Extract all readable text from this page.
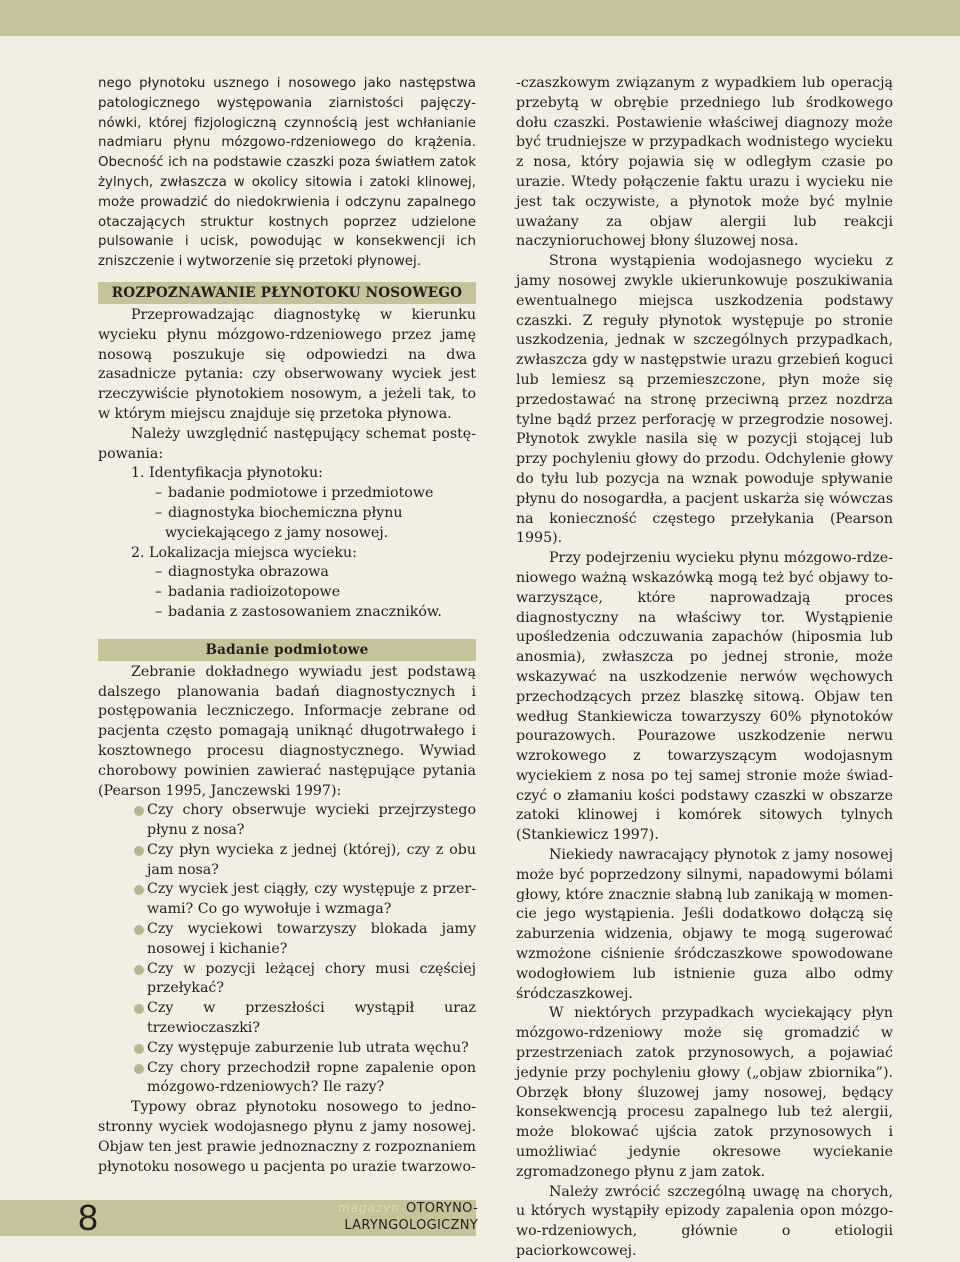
nego płynotoku usznego i nosowego jako następstwa patologicznego występowania ziarnistości pajęczynówki, której fizjologiczną czynnością jest wchłanianie nadmiaru płynu mózgowo-rdzeniowego do krążenia. Obecność ich na podstawie czaszki poza światłem zatok żylnych, zwłaszcza w okolicy sitowia i zatoki klinowej, może prowadzić do niedokrwienia i odczynu zapalnego otaczających struktur kostnych poprzez udzielone pulsowanie i ucisk, powodując w konsekwencji ich zniszczenie i wytworzenie się przetoki płynowej.

ROZPOZNAWANIE PŁYNOTOKU NOSOWEGO

Przeprowadzając diagnostykę w kierunku wycieku płynu mózgowo-rdzeniowego przez jamę nosową poszukuje się odpowiedzi na dwa zasadnicze pytania: czy obserwowany wyciek jest rzeczywiście płynotokiem nosowym, a jeżeli tak, to w którym miejscu znajduje się przetoka płynowa.

Należy uwzględnić następujący schemat postępowania:

1. Identyfikacja płynotoku:
– badanie podmiotowe i przedmiotowe
– diagnostyka biochemiczna płynu
wyciekającego z jamy nosowej.
2. Lokalizacja miejsca wycieku:
– diagnostyka obrazowa
– badania radioizotopowe
– badania z zastosowaniem znaczników.
Badanie podmiotowe

Zebranie dokładnego wywiadu jest podstawą dalszego planowania badań diagnostycznych i postępowania leczniczego. Informacje zebrane od pacjenta często pomagają uniknąć długotrwałego i kosztownego procesu diagnostycznego. Wywiad chorobowy powinien zawierać następujące pytania (Pearson 1995, Janczewski 1997):

Czy chory obserwuje wycieki przejrzystego płynu z nosa?
Czy płyn wycieka z jednej (której), czy z obu jam nosa?
Czy wyciek jest ciągły, czy występuje z przerwami? Co go wywołuje i wzmaga?
Czy wyciekowi towarzyszy blokada jamy nosowej i kichanie?
Czy w pozycji leżącej chory musi częściej przełykać?
Czy w przeszłości wystąpił uraz trzewioczaszki?
Czy występuje zaburzenie lub utrata węchu?
Czy chory przechodził ropne zapalenie opon mózgowo-rdzeniowych? Ile razy?

Typowy obraz płynotoku nosowego to jednostronny wyciek wodojasnego płynu z jamy nosowej. Objaw ten jest prawie jednoznaczny z rozpoznaniem płynotoku nosowego u pacjenta po urazie twarzowo-

-czaszkowym związanym z wypadkiem lub operacją przebytą w obrębie przedniego lub środkowego dołu czaszki. Postawienie właściwej diagnozy może być trudniejsze w przypadkach wodnistego wycieku z nosa, który pojawia się w odległym czasie po urazie. Wtedy połączenie faktu urazu i wycieku nie jest tak oczywiste, a płynotok może być mylnie uważany za objaw alergii lub reakcji naczynioruchowej błony śluzowej nosa.

Strona wystąpienia wodojasnego wycieku z jamy nosowej zwykle ukierunkowuje poszukiwania ewentualnego miejsca uszkodzenia podstawy czaszki. Z reguły płynotok występuje po stronie uszkodzenia, jednak w szczególnych przypadkach, zwłaszcza gdy w następstwie urazu grzebień koguci lub lemiesz są przemieszczone, płyn może się przedostawać na stronę przeciwną przez nozdrza tylne bądź przez perforację w przegrodzie nosowej. Płynotok zwykle nasila się w pozycji stojącej lub przy pochyleniu głowy do przodu. Odchylenie głowy do tyłu lub pozycja na wznak powoduje spływanie płynu do nosogardła, a pacjent uskarża się wówczas na konieczność częstego przełykania (Pearson 1995).

Przy podejrzeniu wycieku płynu mózgowo-rdzeniowego ważną wskazówką mogą też być objawy towarzyszące, które naprowadzają proces diagnostyczny na właściwy tor. Wystąpienie upośledzenia odczuwania zapachów (hiposmia lub anosmia), zwłaszcza po jednej stronie, może wskazywać na uszkodzenie nerwów węchowych przechodzących przez blaszkę sitową. Objaw ten według Stankiewicza towarzyszy 60% płynotoków pourazowych. Pourazowe uszkodzenie nerwu wzrokowego z towarzyszącym wodojasnym wyciekiem z nosa po tej samej stronie może świadczyć o złamaniu kości podstawy czaszki w obszarze zatoki klinowej i komórek sitowych tylnych (Stankiewicz 1997).

Niekiedy nawracający płynotok z jamy nosowej może być poprzedzony silnymi, napadowymi bólami głowy, które znacznie słabną lub zanikają w momencie jego wystąpienia. Jeśli dodatkowo dołączą się zaburzenia widzenia, objawy te mogą sugerować wzmożone ciśnienie śródczaszkowe spowodowane wodogłowiem lub istnienie guza albo odmy śródczaszkowej.

W niektórych przypadkach wyciekający płyn mózgowo-rdzeniowy może się gromadzić w przestrzeniach zatok przynosowych, a pojawiać jedynie przy pochyleniu głowy („objaw zbiornika”). Obrzęk błony śluzowej jamy nosowej, będący konsekwencją procesu zapalnego lub też alergii, może blokować ujścia zatok przynosowych i umożliwiać jedynie okresowe wyciekanie zgromadzonego płynu z jam zatok.

Należy zwrócić szczególną uwagę na chorych, u których wystąpiły epizody zapalenia opon mózgowo-rdzeniowych, głównie o etiologii paciorkowcowej.

8	magazyn OTORYNO-
LARYNGOLOGICZNY
